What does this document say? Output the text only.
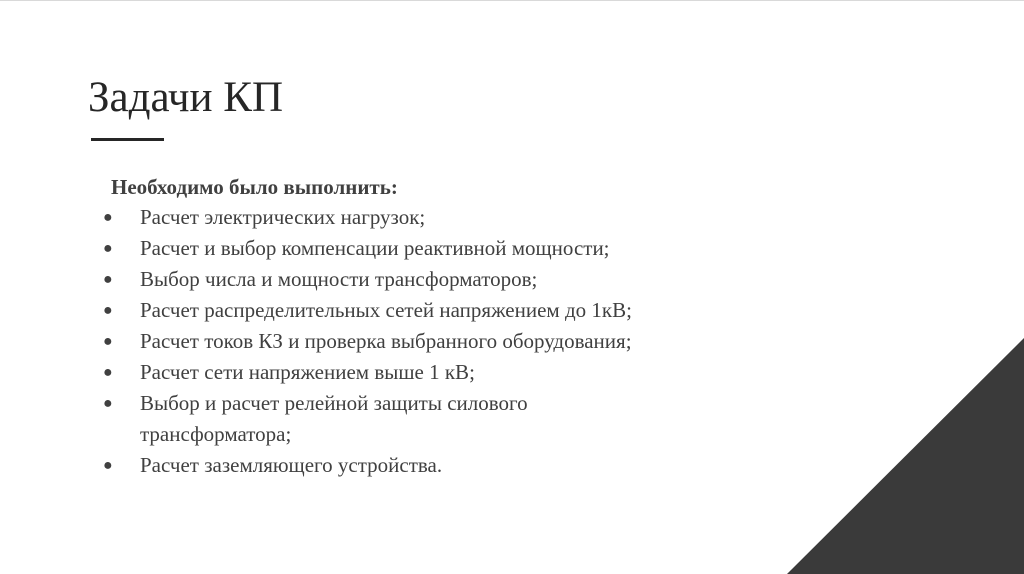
Задачи КП
Необходимо было выполнить:
● Расчет электрических нагрузок;
● Расчет и выбор компенсации реактивной мощности;
● Выбор числа и мощности трансформаторов;
● Расчет распределительных сетей напряжением до 1кВ;
● Расчет токов КЗ и проверка выбранного оборудования;
● Расчет сети напряжением выше 1 кВ;
● Выбор и расчет релейной защиты силового трансформатора;
● Расчет заземляющего устройства.
